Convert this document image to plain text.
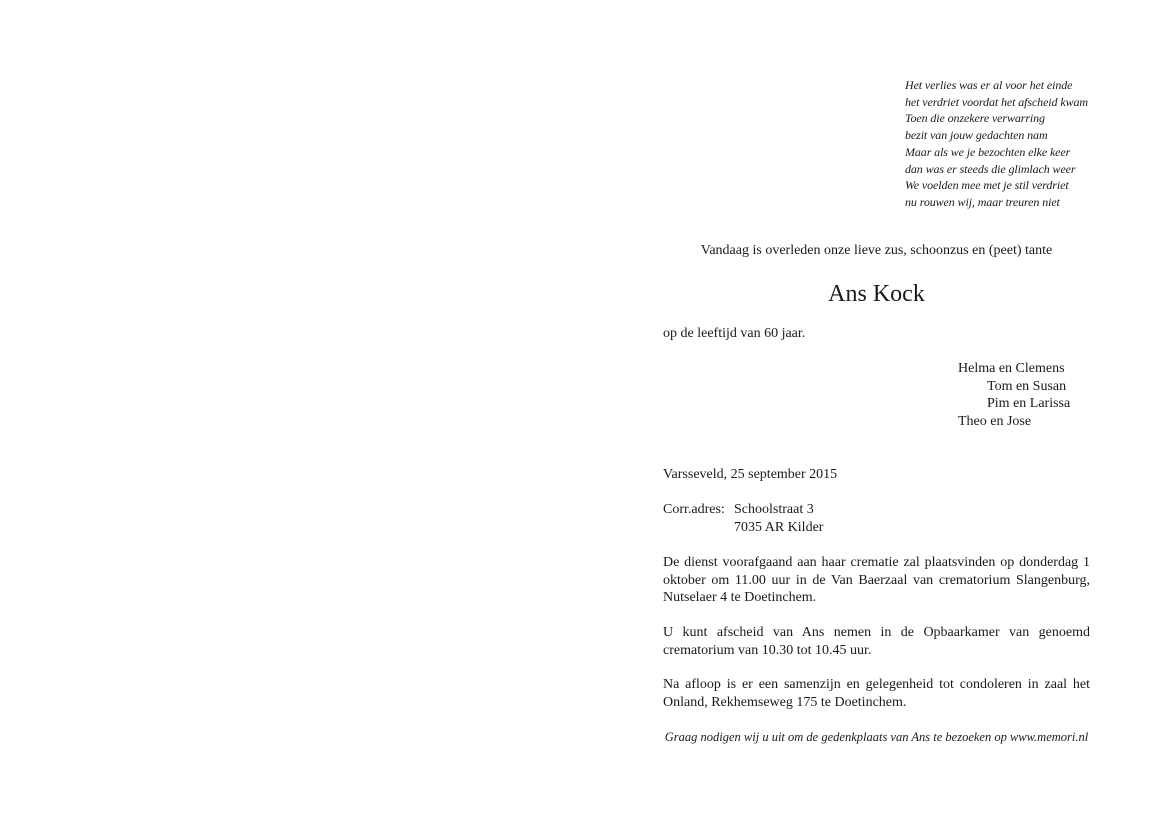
Het verlies was er al voor het einde
het verdriet voordat het afscheid kwam
Toen die onzekere verwarring
bezit van jouw gedachten nam
Maar als we je bezochten elke keer
dan was er steeds die glimlach weer
We voelden mee met je stil verdriet
nu rouwen wij, maar treuren niet
Vandaag is overleden onze lieve zus, schoonzus en (peet) tante
Ans Kock
op de leeftijd van 60 jaar.
Helma en Clemens
Tom en Susan
Pim en Larissa
Theo en Jose
Varsseveld, 25 september 2015
Corr.adres: Schoolstraat 3
7035 AR Kilder
De dienst voorafgaand aan haar crematie zal plaatsvinden op donderdag 1 oktober om 11.00 uur in de Van Baerzaal van crematorium Slangenburg, Nutselaer 4 te Doetinchem.
U kunt afscheid van Ans nemen in de Opbaarkamer van genoemd crematorium van 10.30 tot 10.45 uur.
Na afloop is er een samenzijn en gelegenheid tot condoleren in zaal het Onland, Rekhemseweg 175 te Doetinchem.
Graag nodigen wij u uit om de gedenkplaats van Ans te bezoeken op www.memori.nl
